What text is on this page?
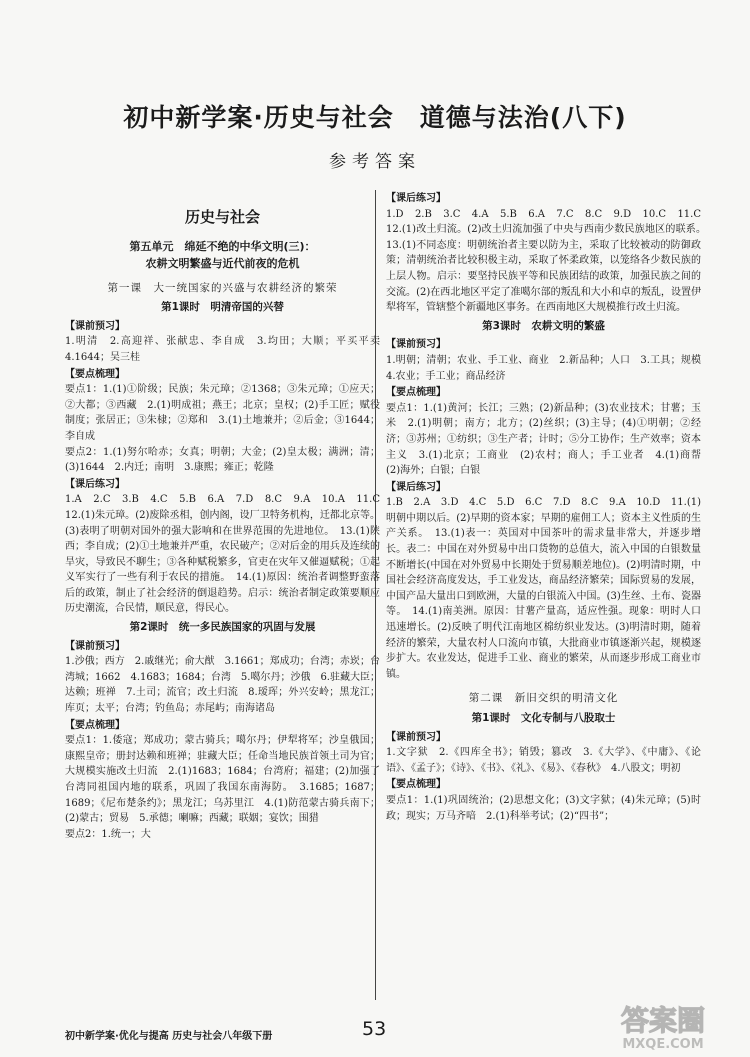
初中新学案·历史与社会　道德与法治(八下)
参考答案
历史与社会
第五单元　绵延不绝的中华文明(三)：
农耕文明繁盛与近代前夜的危机
第一课　大一统国家的兴盛与农耕经济的繁荣
第1课时　明清帝国的兴替
【课前预习】

1.明清　2.高迎祥、张献忠、李自成　3.均田；大顺；平买平卖　4.1644；吴三桂

【要点梳理】

要点1：1.(1)①阶级；民族；朱元璋；②1368；③朱元璋；①应天；②大都；③西藏　2.(1)明成祖；燕王；北京；皇权；(2)手工匠；赋役制度；张居正；③朱棣；②郑和　3.(1)土地兼并；②后金；③1644；李自成

要点2：1.(1)努尔哈赤；女真；明朝；大金；(2)皇太极；满洲；清；(3)1644　2.内迁；南明　3.康熙；雍正；乾隆

【课后练习】

1.A　2.C　3.B　4.C　5.B　6.A　7.D　8.C　9.A　10.A　11.C　12.(1)朱元璋。(2)废除丞相，创内阁，设厂卫特务机构，迁都北京等。(3)表明了明朝对国外的强大影响和在世界范围的先进地位。　13.(1)陕西；李自成；(2)①土地兼并严重，农民破产；②对后金的用兵及连续的旱灾，导致民不聊生；③各种赋税繁多，官吏在灾年又催逼赋税；①起义军实行了一些有利于农民的措施。　14.(1)原因：统治者调整野蛮落后的政策，制止了社会经济的倒退趋势。启示：统治者制定政策要顺应历史潮流，合民情，顺民意，得民心。

第2课时　统一多民族国家的巩固与发展
【课前预习】

1.沙俄；西方　2.戚继光；俞大猷　3.1661；郑成功；台湾；赤崁；台湾城；1662　4.1683；1684；台湾　5.噶尔丹；沙俄　6.驻藏大臣；达赖；班禅　7.土司；流官；改土归流　8.瑷珲；外兴安岭；黑龙江；库页；太平；台湾；钓鱼岛；赤尾屿；南海诸岛

【要点梳理】

要点1：1.倭寇；郑成功；蒙古骑兵；噶尔丹；伊犁将军；沙皇俄国；康熙皇帝；册封达赖和班禅；驻藏大臣；任命当地民族首领土司为官；大规模实施改土归流　2.(1)1683；1684；台湾府；福建；(2)加强了台湾同祖国内地的联系，巩固了我国东南海防。　3.1685；1687；1689；《尼布楚条约》；黑龙江；乌苏里江　4.(1)防范蒙古骑兵南下；(2)蒙古；贸易　5.承德；喇嘛；西藏；联姻；宴饮；围猎

要点2：1.统一；大

【课后练习】

1.D　2.B　3.C　4.A　5.B　6.A　7.C　8.C　9.D　10.C　11.C　12.(1)改土归流。(2)改土归流加强了中央与西南少数民族地区的联系。　13.(1)不同态度：明朝统治者主要以防为主，采取了比较被动的防御政策；清朝统治者比较积极主动，采取了怀柔政策，以笼络各少数民族的上层人物。启示：要坚持民族平等和民族团结的政策，加强民族之间的交流。(2)在西北地区平定了准噶尔部的叛乱和大小和卓的叛乱，设置伊犁将军，管辖整个新疆地区事务。在西南地区大规模推行改土归流。

第3课时　农耕文明的繁盛
【课前预习】

1.明朝；清朝；农业、手工业、商业　2.新品种；人口　3.工具；规模　4.农业；手工业；商品经济

【要点梳理】

要点1：1.(1)黄河；长江；三熟；(2)新品种；(3)农业技术；甘薯；玉米　2.(1)明朝；南方；北方；(2)丝织；(3)主导；(4)①明朝；②经济；③苏州；①纺织；③生产者；计时；⑤分工协作；生产效率；资本主义　3.(1)北京；工商业　(2)农村；商人；手工业者　4.(1)商帮　(2)海外；白银；白银

【课后练习】

1.B　2.A　3.D　4.C　5.D　6.C　7.D　8.C　9.A　10.D　11.(1)明朝中期以后。(2)早期的资本家；早期的雇佣工人；资本主义性质的生产关系。　13.(1)表一：英国对中国茶叶的需求量非常大，并逐步增长。表二：中国在对外贸易中出口货物的总值大，流入中国的白银数量不断增长(中国在对外贸易中长期处于贸易顺差地位)。(2)明清时期，中国社会经济高度发达，手工业发达，商品经济繁荣；国际贸易的发展，中国产品大量出口到欧洲，大量的白银流入中国。(3)生丝、土布、瓷器等。　14.(1)南美洲。原因：甘薯产量高，适应性强。现象：明时人口迅速增长。(2)反映了明代江南地区棉纺织业发达。(3)明清时期，随着经济的繁荣，大量农村人口流向市镇，大批商业市镇逐渐兴起，规模逐步扩大。农业发达，促进手工业、商业的繁荣，从而逐步形成工商业市镇。

第二课　新旧交织的明清文化
第1课时　文化专制与八股取士
【课前预习】

1.文字狱　2.《四库全书》；销毁；篡改　3.《大学》、《中庸》、《论语》、《孟子》；《诗》、《书》、《礼》、《易》、《春秋》　4.八股文；明初

【要点梳理】

要点1：1.(1)巩固统治；(2)思想文化；(3)文字狱；(4)朱元璋；(5)时政；现实；万马齐喑　2.(1)科举考试；(2)“四书”；

初中新学案·优化与提高 历史与社会八年级下册	53	答案圈
MXQE.COM
